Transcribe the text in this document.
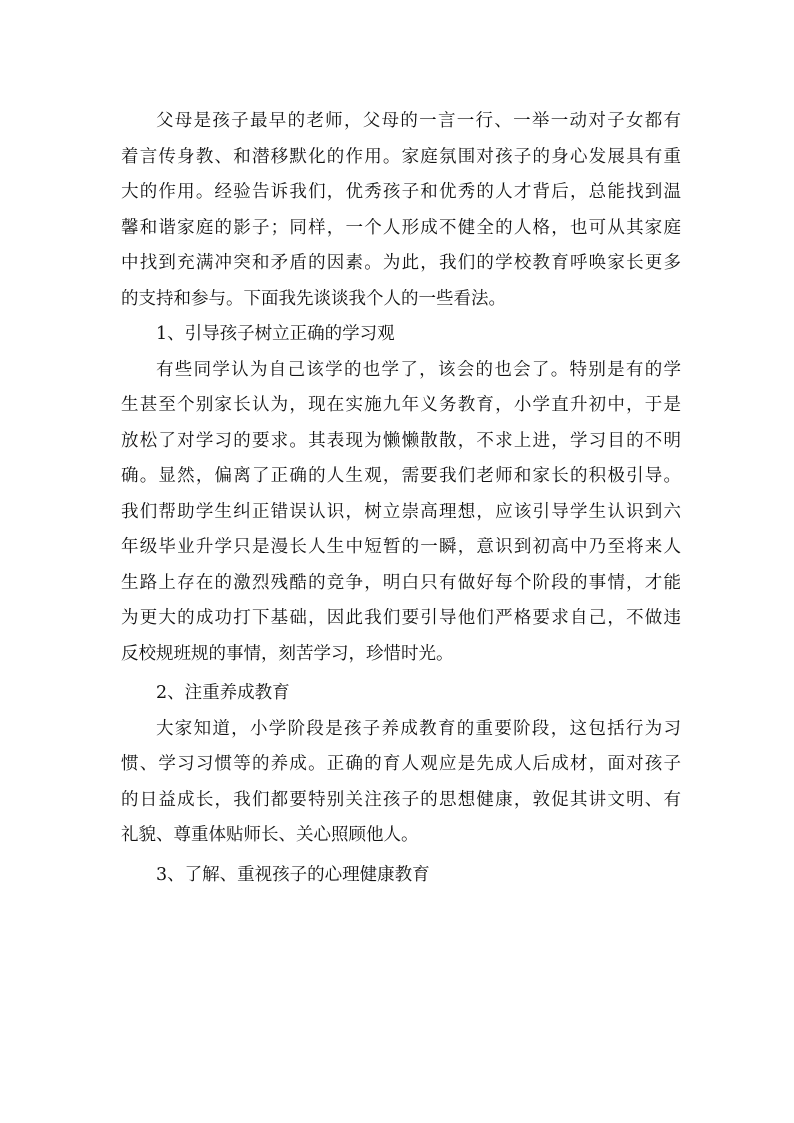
父母是孩子最早的老师，父母的一言一行、一举一动对子女都有
着言传身教、和潜移默化的作用。家庭氛围对孩子的身心发展具有重
大的作用。经验告诉我们，优秀孩子和优秀的人才背后，总能找到温
馨和谐家庭的影子；同样，一个人形成不健全的人格，也可从其家庭
中找到充满冲突和矛盾的因素。为此，我们的学校教育呼唤家长更多
的支持和参与。下面我先谈谈我个人的一些看法。
1、引导孩子树立正确的学习观
有些同学认为自己该学的也学了，该会的也会了。特别是有的学
生甚至个别家长认为，现在实施九年义务教育，小学直升初中，于是
放松了对学习的要求。其表现为懒懒散散，不求上进，学习目的不明
确。显然，偏离了正确的人生观，需要我们老师和家长的积极引导。
我们帮助学生纠正错误认识，树立崇高理想，应该引导学生认识到六
年级毕业升学只是漫长人生中短暂的一瞬，意识到初高中乃至将来人
生路上存在的激烈残酷的竞争，明白只有做好每个阶段的事情，才能
为更大的成功打下基础，因此我们要引导他们严格要求自己，不做违
反校规班规的事情，刻苦学习，珍惜时光。
2、注重养成教育
大家知道，小学阶段是孩子养成教育的重要阶段，这包括行为习
惯、学习习惯等的养成。正确的育人观应是先成人后成材，面对孩子
的日益成长，我们都要特别关注孩子的思想健康，敦促其讲文明、有
礼貌、尊重体贴师长、关心照顾他人。
3、了解、重视孩子的心理健康教育
